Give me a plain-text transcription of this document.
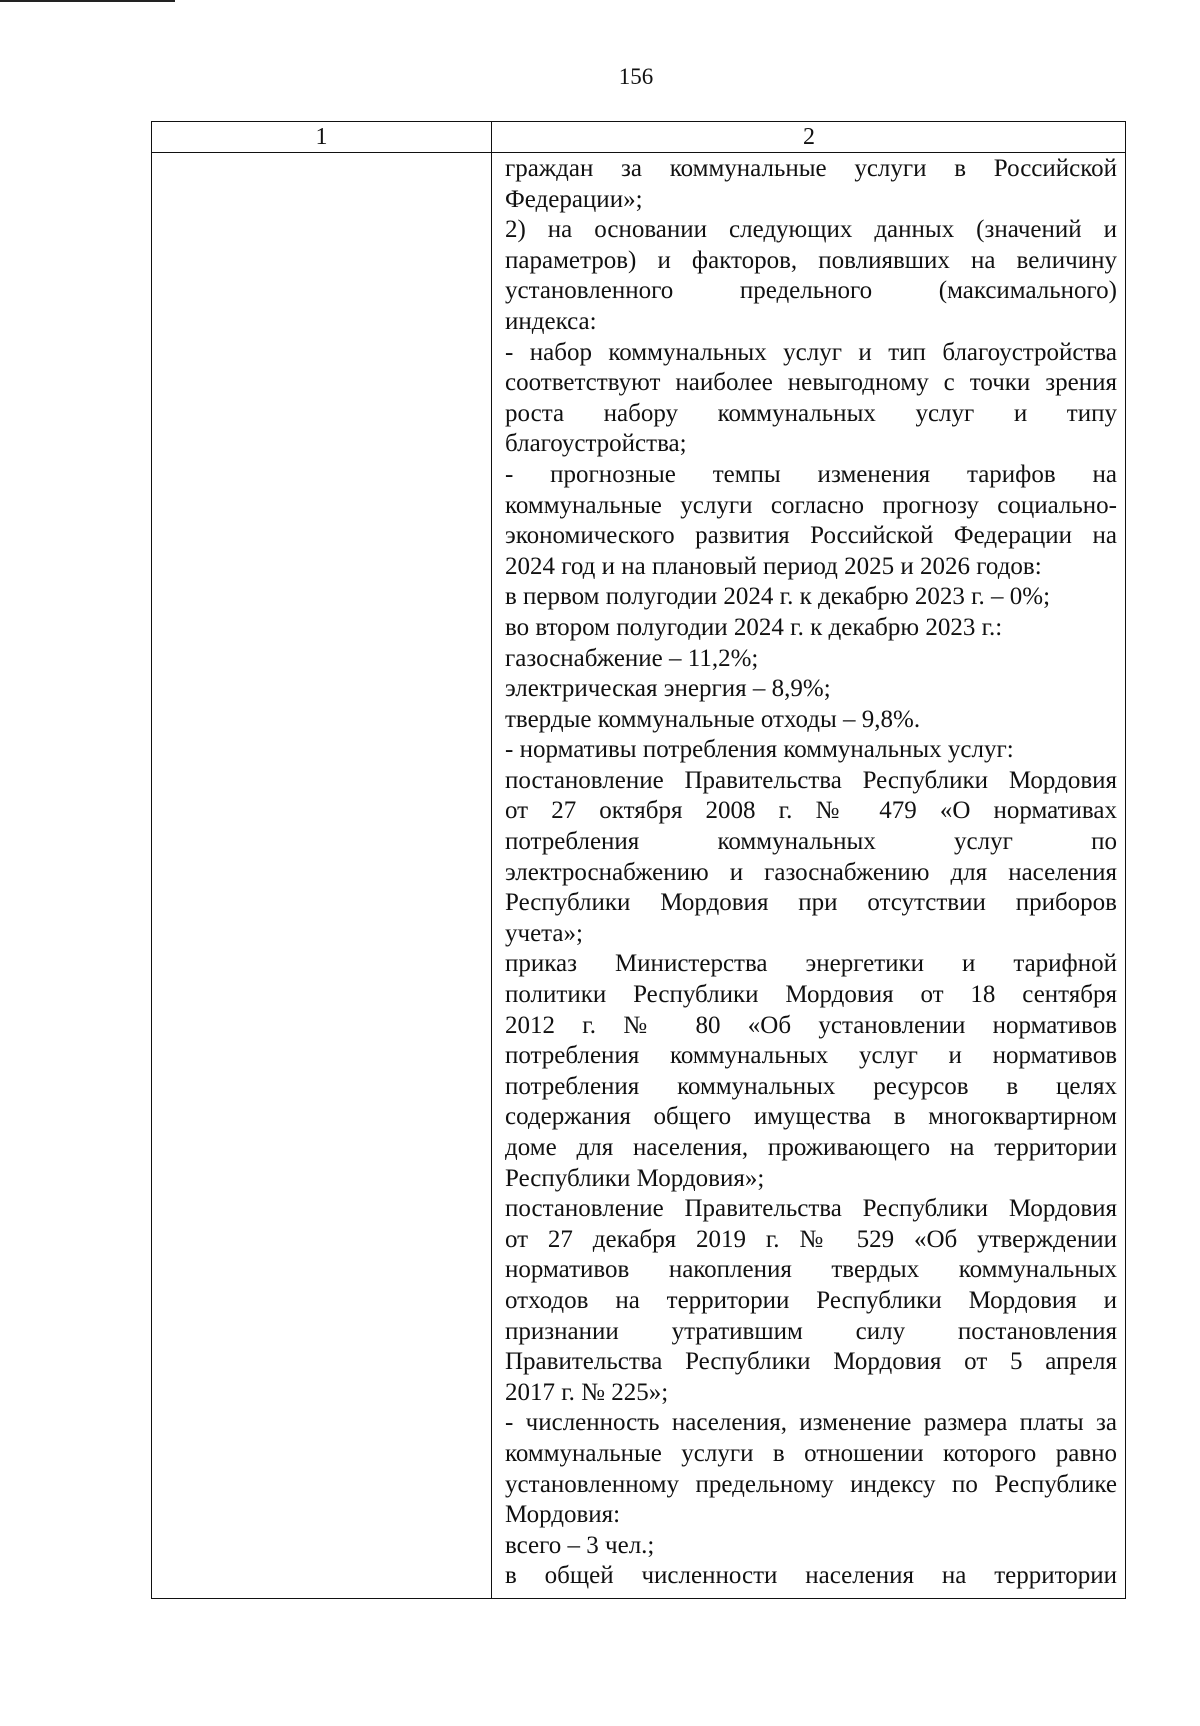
156
1	2
граждан за коммунальные услуги в Российской
Федерации»;
2) на основании следующих данных (значений и
параметров) и факторов, повлиявших на величину
установленного предельного (максимального)
индекса:
- набор коммунальных услуг и тип благоустройства
соответствуют наиболее невыгодному с точки зрения
роста набору коммунальных услуг и типу
благоустройства;
- прогнозные темпы изменения тарифов на
коммунальные услуги согласно прогнозу социально-
экономического развития Российской Федерации на
2024 год и на плановый период 2025 и 2026 годов:
в первом полугодии 2024 г. к декабрю 2023 г. – 0%;
во втором полугодии 2024 г. к декабрю 2023 г.:
газоснабжение – 11,2%;
электрическая энергия – 8,9%;
твердые коммунальные отходы – 9,8%.
- нормативы потребления коммунальных услуг:
постановление Правительства Республики Мордовия
от 27 октября 2008 г. № 479 «О нормативах
потребления коммунальных услуг по
электроснабжению и газоснабжению для населения
Республики Мордовия при отсутствии приборов
учета»;
приказ Министерства энергетики и тарифной
политики Республики Мордовия от 18 сентября
2012 г. № 80 «Об установлении нормативов
потребления коммунальных услуг и нормативов
потребления коммунальных ресурсов в целях
содержания общего имущества в многоквартирном
доме для населения, проживающего на территории
Республики Мордовия»;
постановление Правительства Республики Мордовия
от 27 декабря 2019 г. № 529 «Об утверждении
нормативов накопления твердых коммунальных
отходов на территории Республики Мордовия и
признании утратившим силу постановления
Правительства Республики Мордовия от 5 апреля
2017 г. № 225»;
- численность населения, изменение размера платы за
коммунальные услуги в отношении которого равно
установленному предельному индексу по Республике
Мордовия:
всего – 3 чел.;
в общей численности населения на территории
